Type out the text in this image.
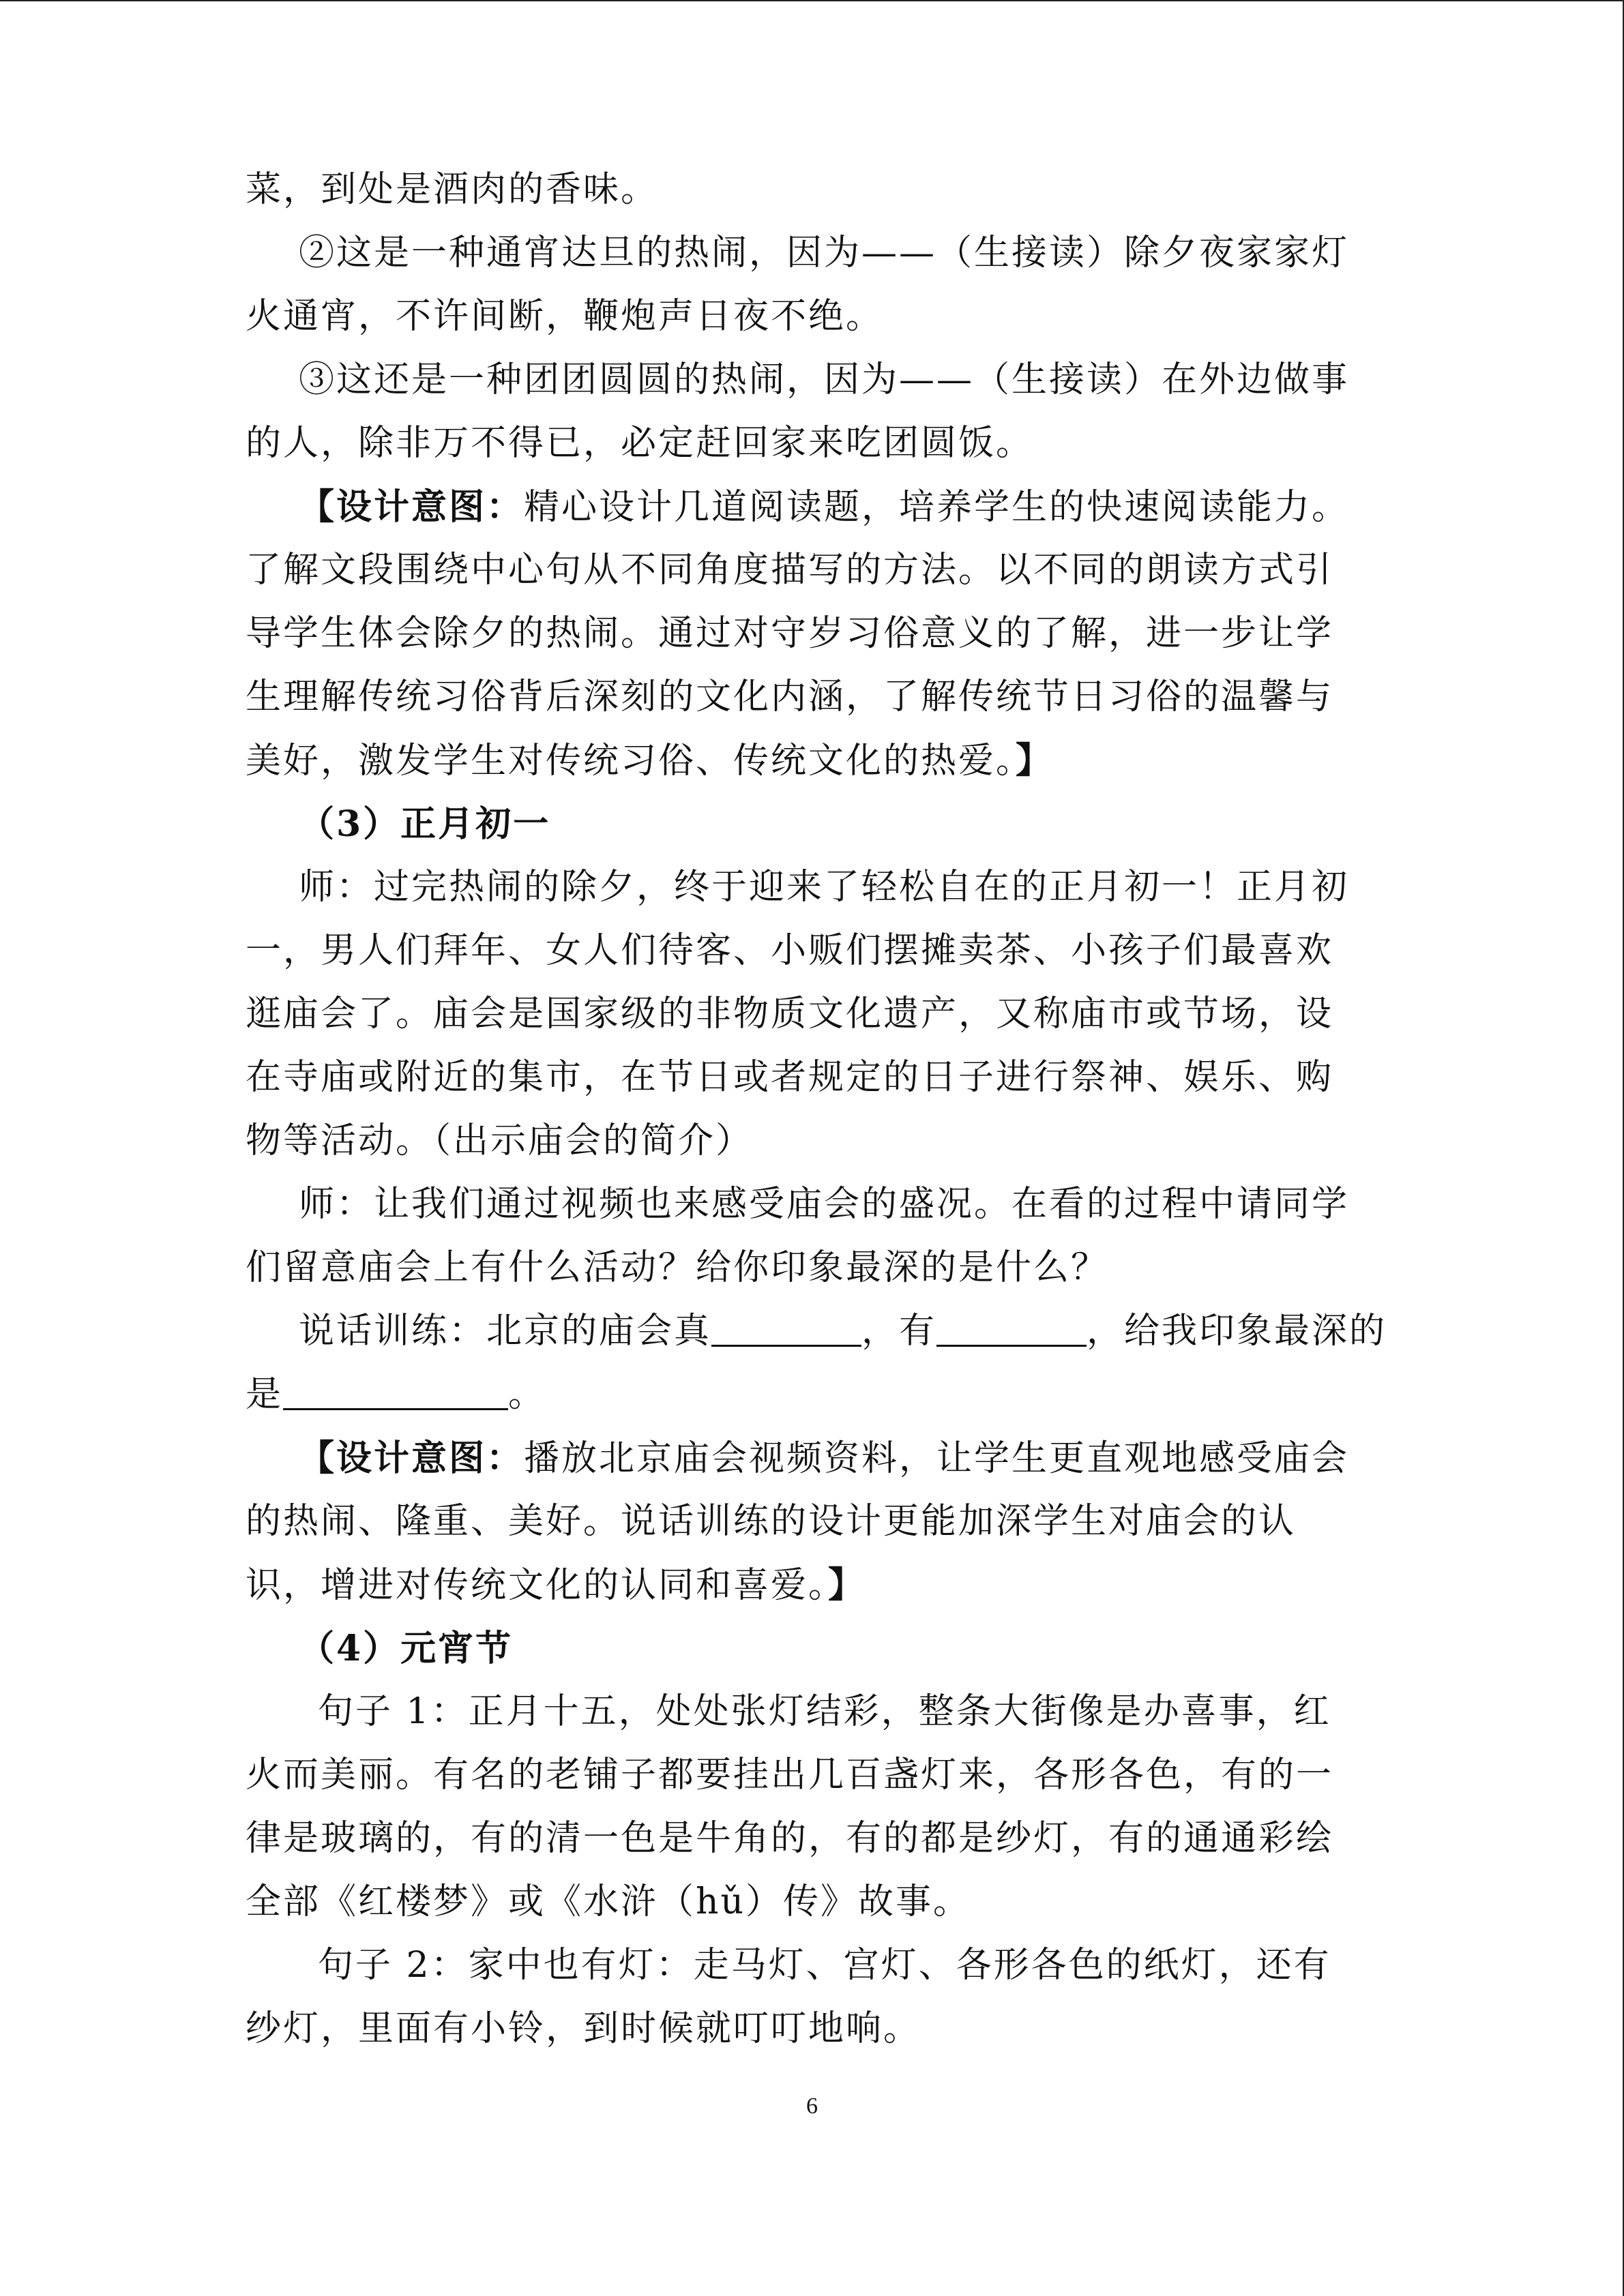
菜，到处是酒肉的香味。
②这是一种通宵达旦的热闹，因为——（生接读）除夕夜家家灯
火通宵，不许间断，鞭炮声日夜不绝。
③这还是一种团团圆圆的热闹，因为——（生接读）在外边做事
的人，除非万不得已，必定赶回家来吃团圆饭。
【设计意图：精心设计几道阅读题，培养学生的快速阅读能力。
了解文段围绕中心句从不同角度描写的方法。以不同的朗读方式引
导学生体会除夕的热闹。通过对守岁习俗意义的了解，进一步让学
生理解传统习俗背后深刻的文化内涵，了解传统节日习俗的温馨与
美好，激发学生对传统习俗、传统文化的热爱。】
（3）正月初一
师：过完热闹的除夕，终于迎来了轻松自在的正月初一！正月初
一，男人们拜年、女人们待客、小贩们摆摊卖茶、小孩子们最喜欢
逛庙会了。庙会是国家级的非物质文化遗产，又称庙市或节场，设
在寺庙或附近的集市，在节日或者规定的日子进行祭神、娱乐、购
物等活动。（出示庙会的简介）
师：让我们通过视频也来感受庙会的盛况。在看的过程中请同学
们留意庙会上有什么活动？给你印象最深的是什么？
说话训练：北京的庙会真	，有	，给我印象最深的
是	。
【设计意图：播放北京庙会视频资料，让学生更直观地感受庙会
的热闹、隆重、美好。说话训练的设计更能加深学生对庙会的认
识，增进对传统文化的认同和喜爱。】
（4）元宵节
句子 1：正月十五，处处张灯结彩，整条大街像是办喜事，红
火而美丽。有名的老铺子都要挂出几百盏灯来，各形各色，有的一
律是玻璃的，有的清一色是牛角的，有的都是纱灯，有的通通彩绘
全部《红楼梦》或《水浒（hǔ）传》故事。
句子 2：家中也有灯：走马灯、宫灯、各形各色的纸灯，还有
纱灯，里面有小铃，到时候就叮叮地响。
6
